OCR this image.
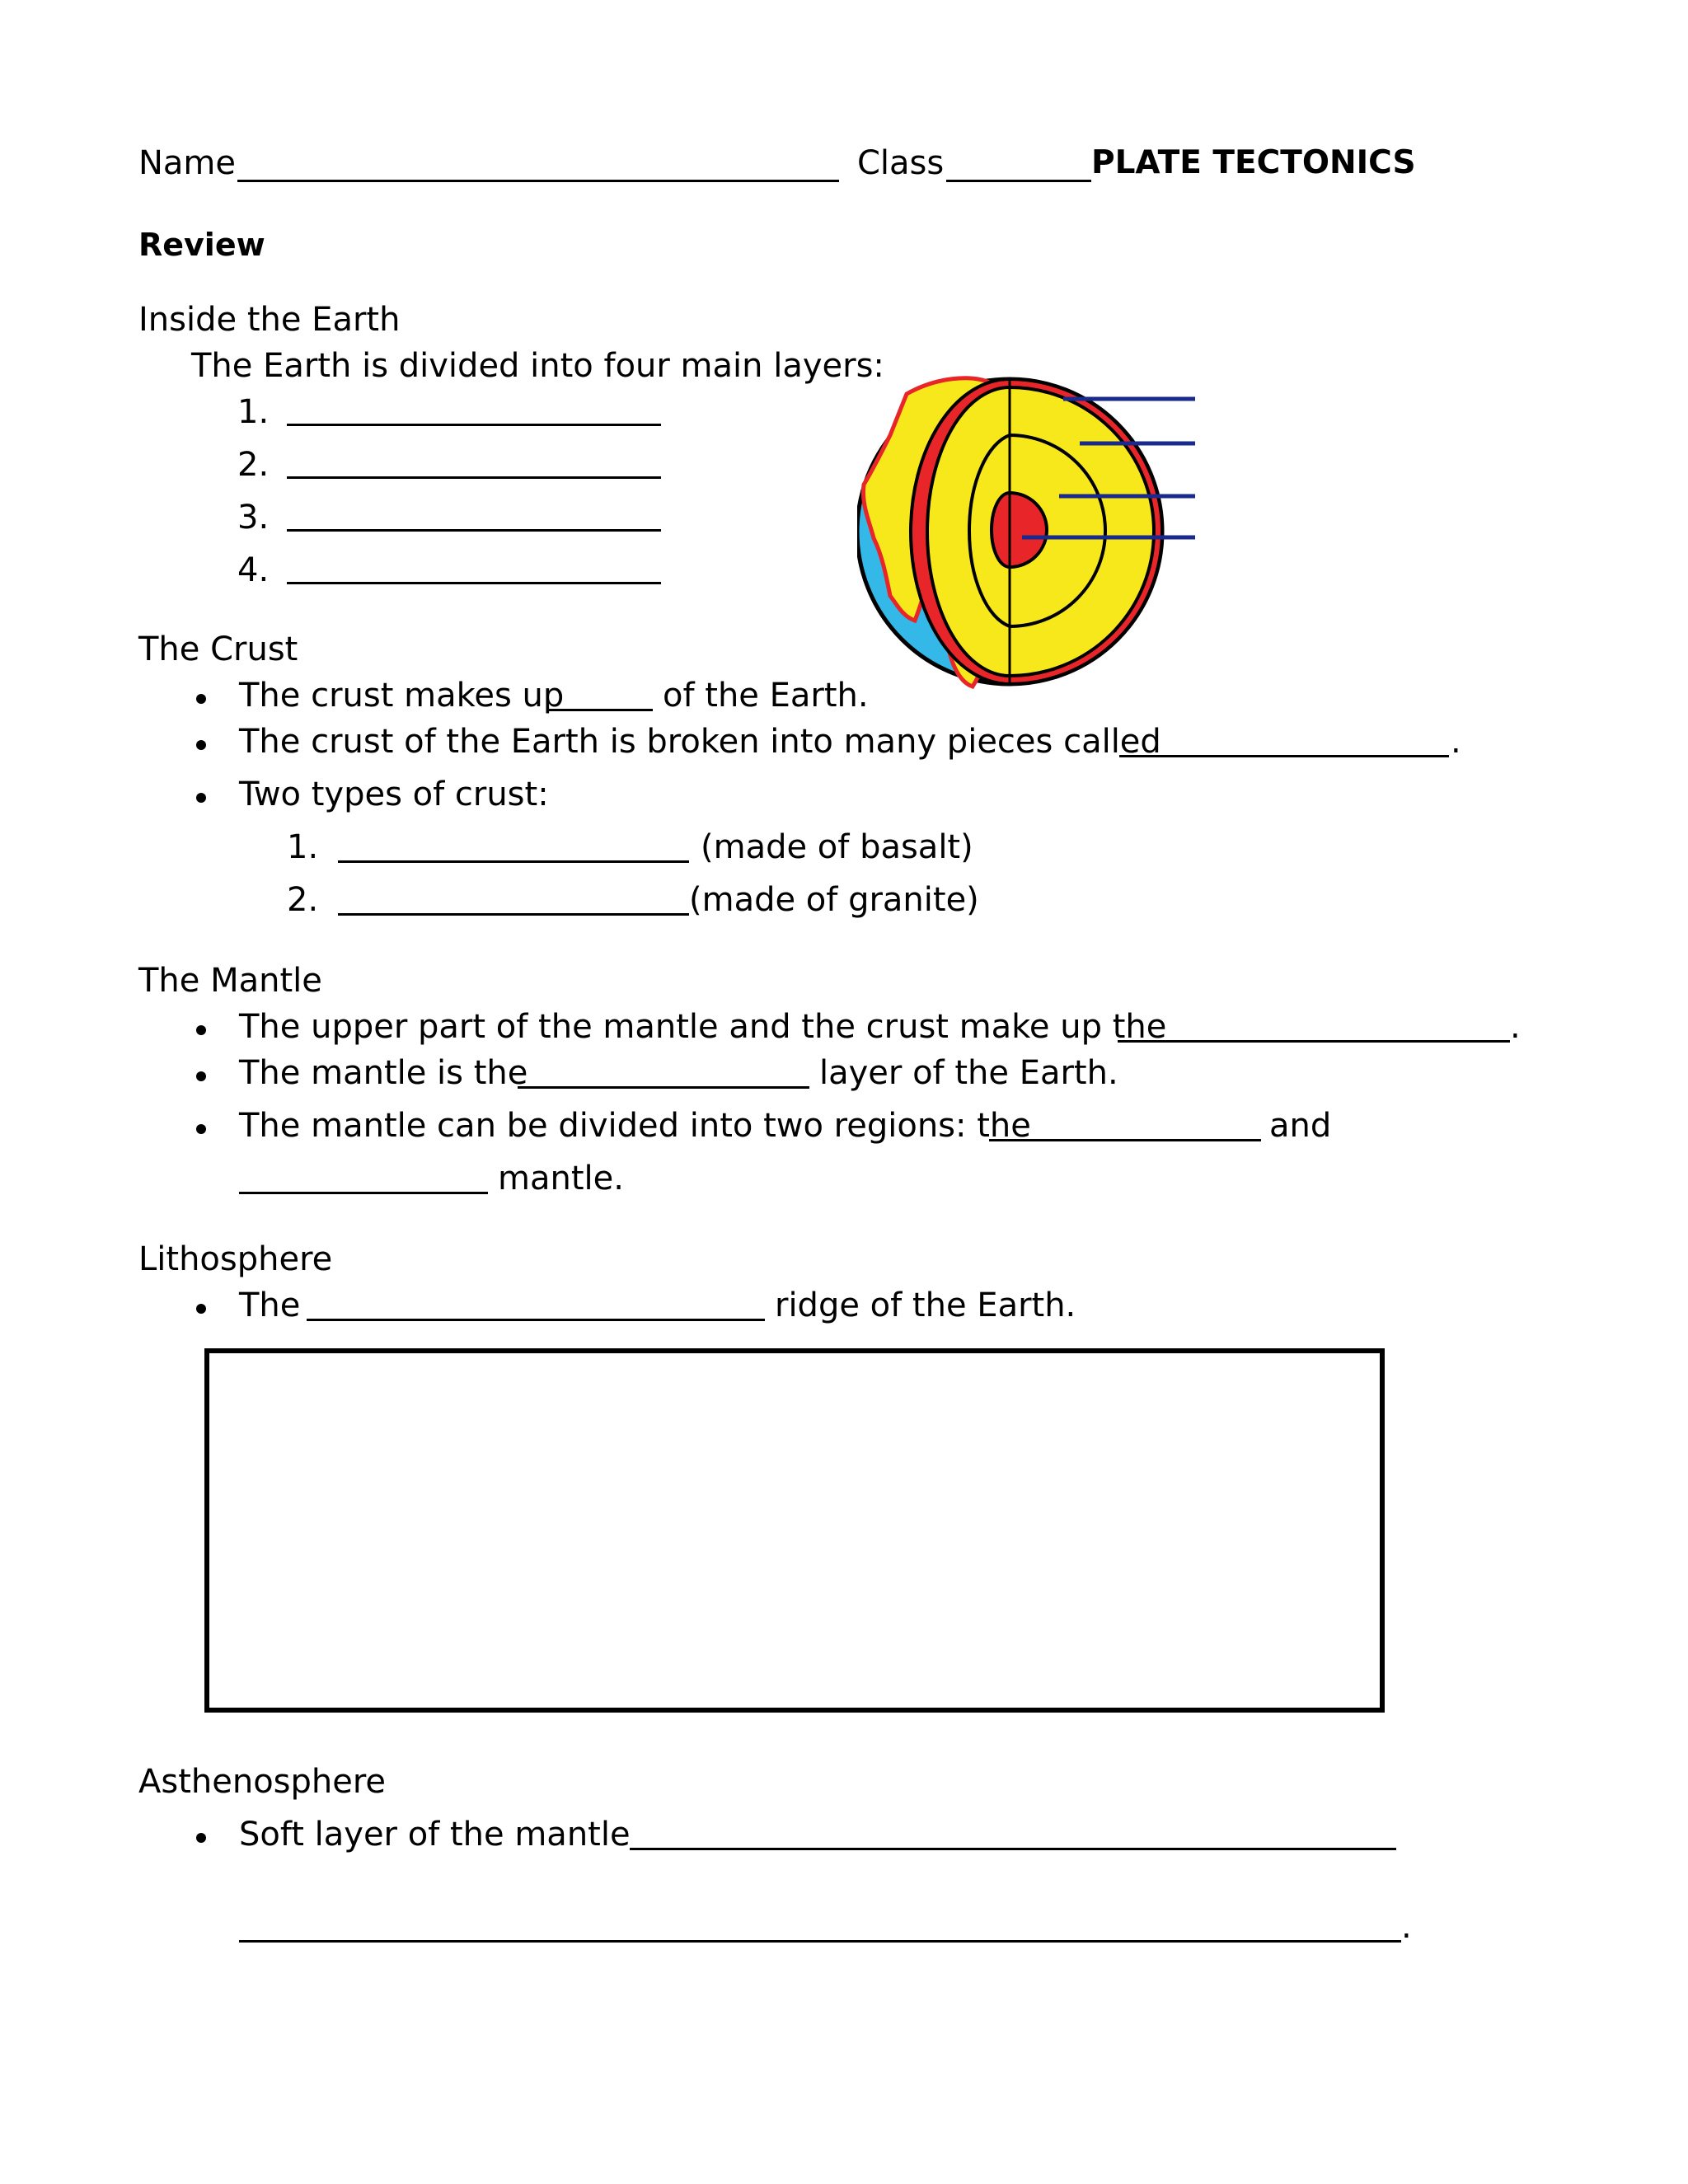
Name	Class	PLATE TECTONICS
Review
Inside the Earth
The Earth is divided into four main layers:
1.
2.
3.
4.
The Crust
The crust makes up	of the Earth.
The crust of the Earth is broken into many pieces called	.
Two types of crust:
1.	(made of basalt)
2.	(made of granite)
The Mantle
The upper part of the mantle and the crust make up the	.
The mantle is the	layer of the Earth.
The mantle can be divided into two regions: the	and
mantle.
Lithosphere
The	ridge of the Earth.
Asthenosphere
Soft layer of the mantle
.
